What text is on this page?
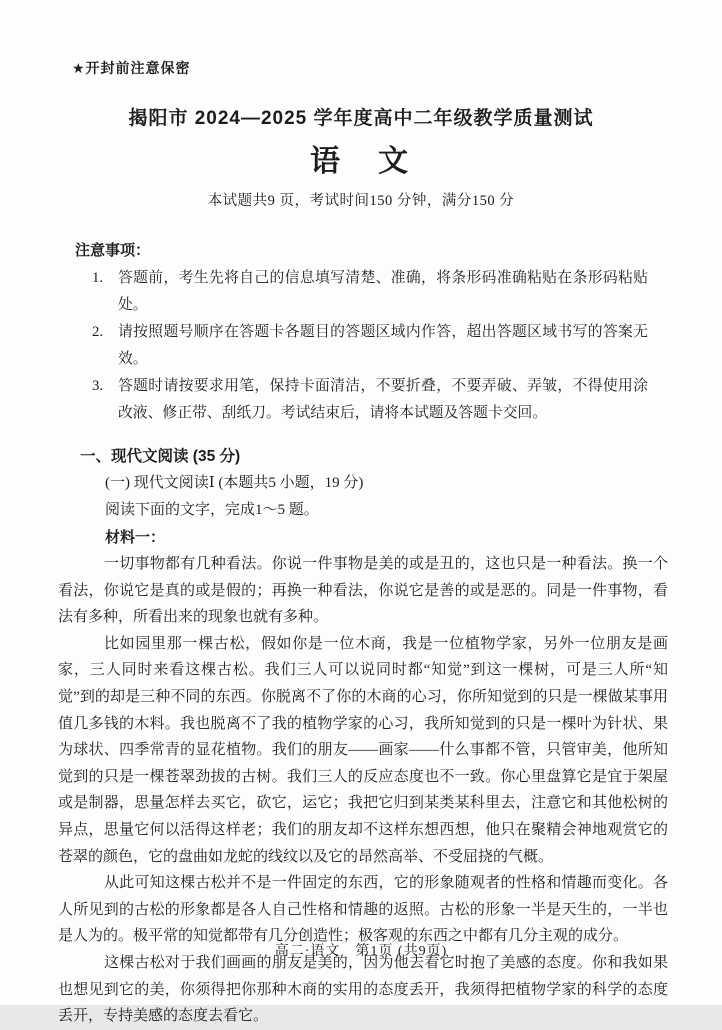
★开封前注意保密
揭阳市 2024—2025 学年度高中二年级教学质量测试
语　文
本试题共9 页，考试时间150 分钟，满分150 分
注意事项：
1.	答题前，考生先将自己的信息填写清楚、准确，将条形码准确粘贴在条形码粘贴处。
2.	请按照题号顺序在答题卡各题目的答题区域内作答，超出答题区域书写的答案无效。
3.	答题时请按要求用笔，保持卡面清洁，不要折叠，不要弄破、弄皱，不得使用涂改液、修正带、刮纸刀。考试结束后，请将本试题及答题卡交回。
一、现代文阅读 (35 分)
(一) 现代文阅读Ⅰ (本题共5 小题，19 分)
阅读下面的文字，完成1～5 题。
材料一：

一切事物都有几种看法。你说一件事物是美的或是丑的，这也只是一种看法。换一个看法，你说它是真的或是假的；再换一种看法，你说它是善的或是恶的。同是一件事物，看法有多种，所看出来的现象也就有多种。

比如园里那一棵古松，假如你是一位木商，我是一位植物学家，另外一位朋友是画家，三人同时来看这棵古松。我们三人可以说同时都“知觉”到这一棵树，可是三人所“知觉”到的却是三种不同的东西。你脱离不了你的木商的心习，你所知觉到的只是一棵做某事用值几多钱的木料。我也脱离不了我的植物学家的心习，我所知觉到的只是一棵叶为针状、果为球状、四季常青的显花植物。我们的朋友——画家——什么事都不管，只管审美，他所知觉到的只是一棵苍翠劲拔的古树。我们三人的反应态度也不一致。你心里盘算它是宜于架屋或是制器，思量怎样去买它，砍它，运它；我把它归到某类某科里去，注意它和其他松树的异点，思量它何以活得这样老；我们的朋友却不这样东想西想，他只在聚精会神地观赏它的苍翠的颜色，它的盘曲如龙蛇的线纹以及它的昂然高举、不受屈挠的气概。

从此可知这棵古松并不是一件固定的东西，它的形象随观者的性格和情趣而变化。各人所见到的古松的形象都是各人自己性格和情趣的返照。古松的形象一半是天生的，一半也是人为的。极平常的知觉都带有几分创造性；极客观的东西之中都有几分主观的成分。

这棵古松对于我们画画的朋友是美的，因为他去看它时抱了美感的态度。你和我如果也想见到它的美，你须得把你那种木商的实用的态度丢开，我须得把植物学家的科学的态度丢开，专持美感的态度去看它。

高二·语文　第1页 (共9页)
